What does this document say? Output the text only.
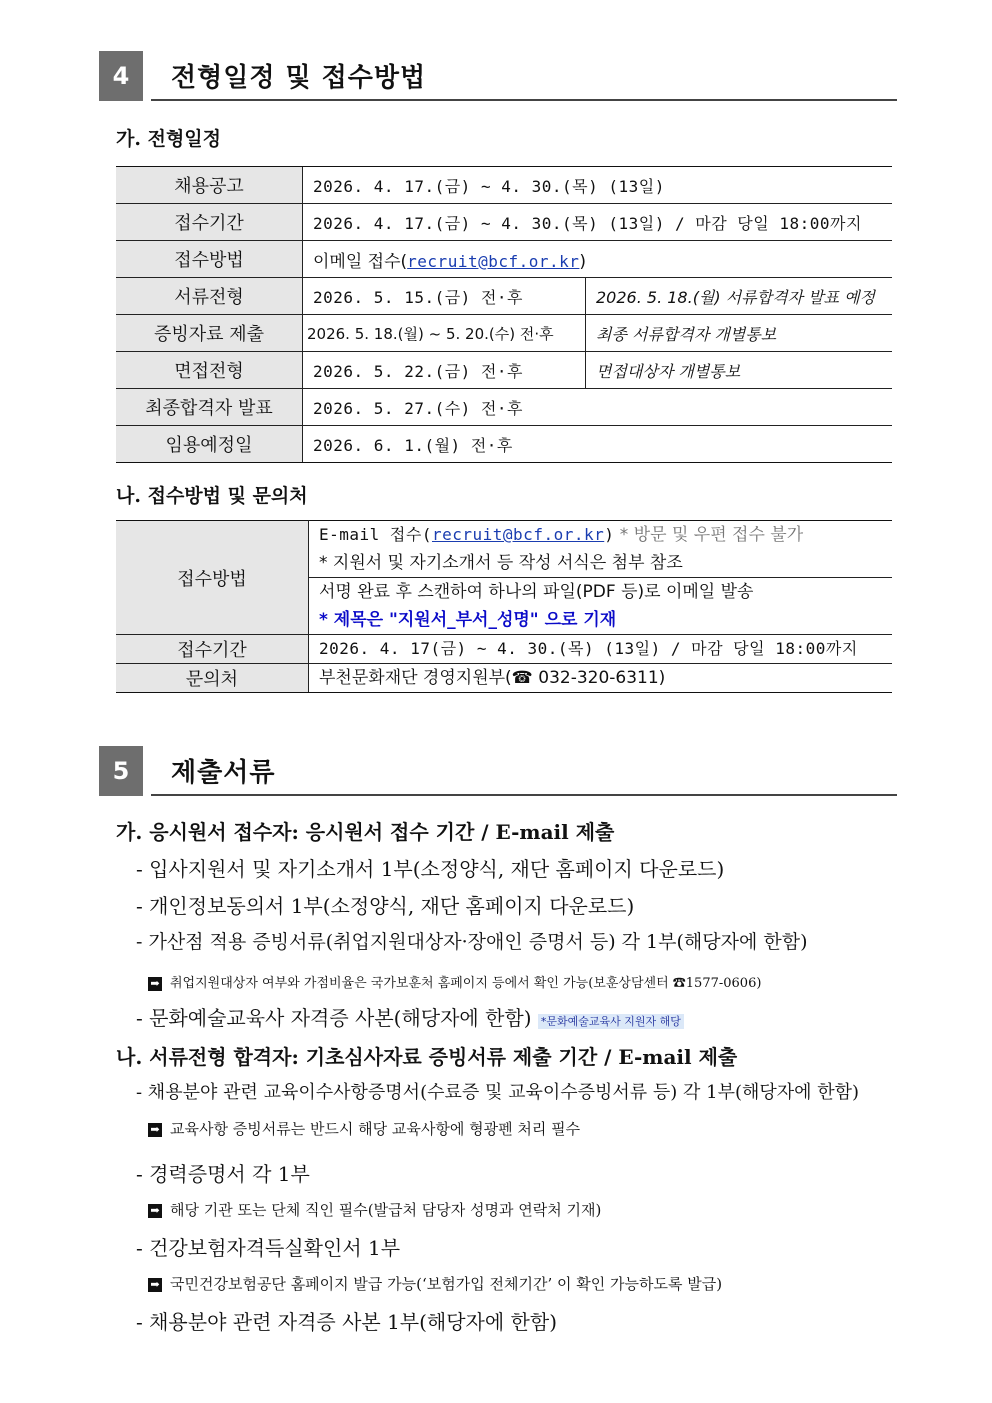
4	전형일정 및 접수방법
가. 전형일정
채용공고	2026. 4. 17.(금) ~ 4. 30.(목) (13일)	
접수기간	2026. 4. 17.(금) ~ 4. 30.(목) (13일) / 마감 당일 18:00까지	
접수방법	이메일 접수(recruit@bcf.or.kr)	
서류전형	2026. 5. 15.(금) 전·후	2026. 5. 18.(월) 서류합격자 발표 예정
증빙자료 제출	2026. 5. 18.(월) ~ 5. 20.(수) 전·후	최종 서류합격자 개별통보
면접전형	2026. 5. 22.(금) 전·후	면접대상자 개별통보
최종합격자 발표	2026. 5. 27.(수) 전·후	
임용예정일	2026. 6. 1.(월) 전·후	
나. 접수방법 및 문의처
접수방법	E-mail 접수(recruit@bcf.or.kr) * 방문 및 우편 접수 불가
* 지원서 및 자기소개서 등 작성 서식은 첨부 참조

	서명 완료 후 스캔하여 하나의 파일(PDF 등)로 이메일 발송
* 제목은 "지원서_부서_성명" 으로 기재

접수기간	2026. 4. 17(금) ~ 4. 30.(목) (13일) / 마감 당일 18:00까지
문의처	부천문화재단 경영지원부(☎ 032-320-6311)
5	제출서류
가. 응시원서 접수자: 응시원서 접수 기간 / E-mail 제출
- 입사지원서 및 자기소개서 1부(소정양식, 재단 홈페이지 다운로드)
- 개인정보동의서 1부(소정양식, 재단 홈페이지 다운로드)
- 가산점 적용 증빙서류(취업지원대상자·장애인 증명서 등) 각 1부(해당자에 한함)
➡ 취업지원대상자 여부와 가점비율은 국가보훈처 홈페이지 등에서 확인 가능(보훈상담센터 ☎1577-0606)
- 문화예술교육사 자격증 사본(해당자에 한함) *문화예술교육사 지원자 해당
나. 서류전형 합격자: 기초심사자료 증빙서류 제출 기간 / E-mail 제출
- 채용분야 관련 교육이수사항증명서(수료증 및 교육이수증빙서류 등) 각 1부(해당자에 한함)
➡ 교육사항 증빙서류는 반드시 해당 교육사항에 형광펜 처리 필수
- 경력증명서 각 1부
➡ 해당 기관 또는 단체 직인 필수(발급처 담당자 성명과 연락처 기재)
- 건강보험자격득실확인서 1부
➡ 국민건강보험공단 홈페이지 발급 가능(‘보험가입 전체기간’ 이 확인 가능하도록 발급)
- 채용분야 관련 자격증 사본 1부(해당자에 한함)
